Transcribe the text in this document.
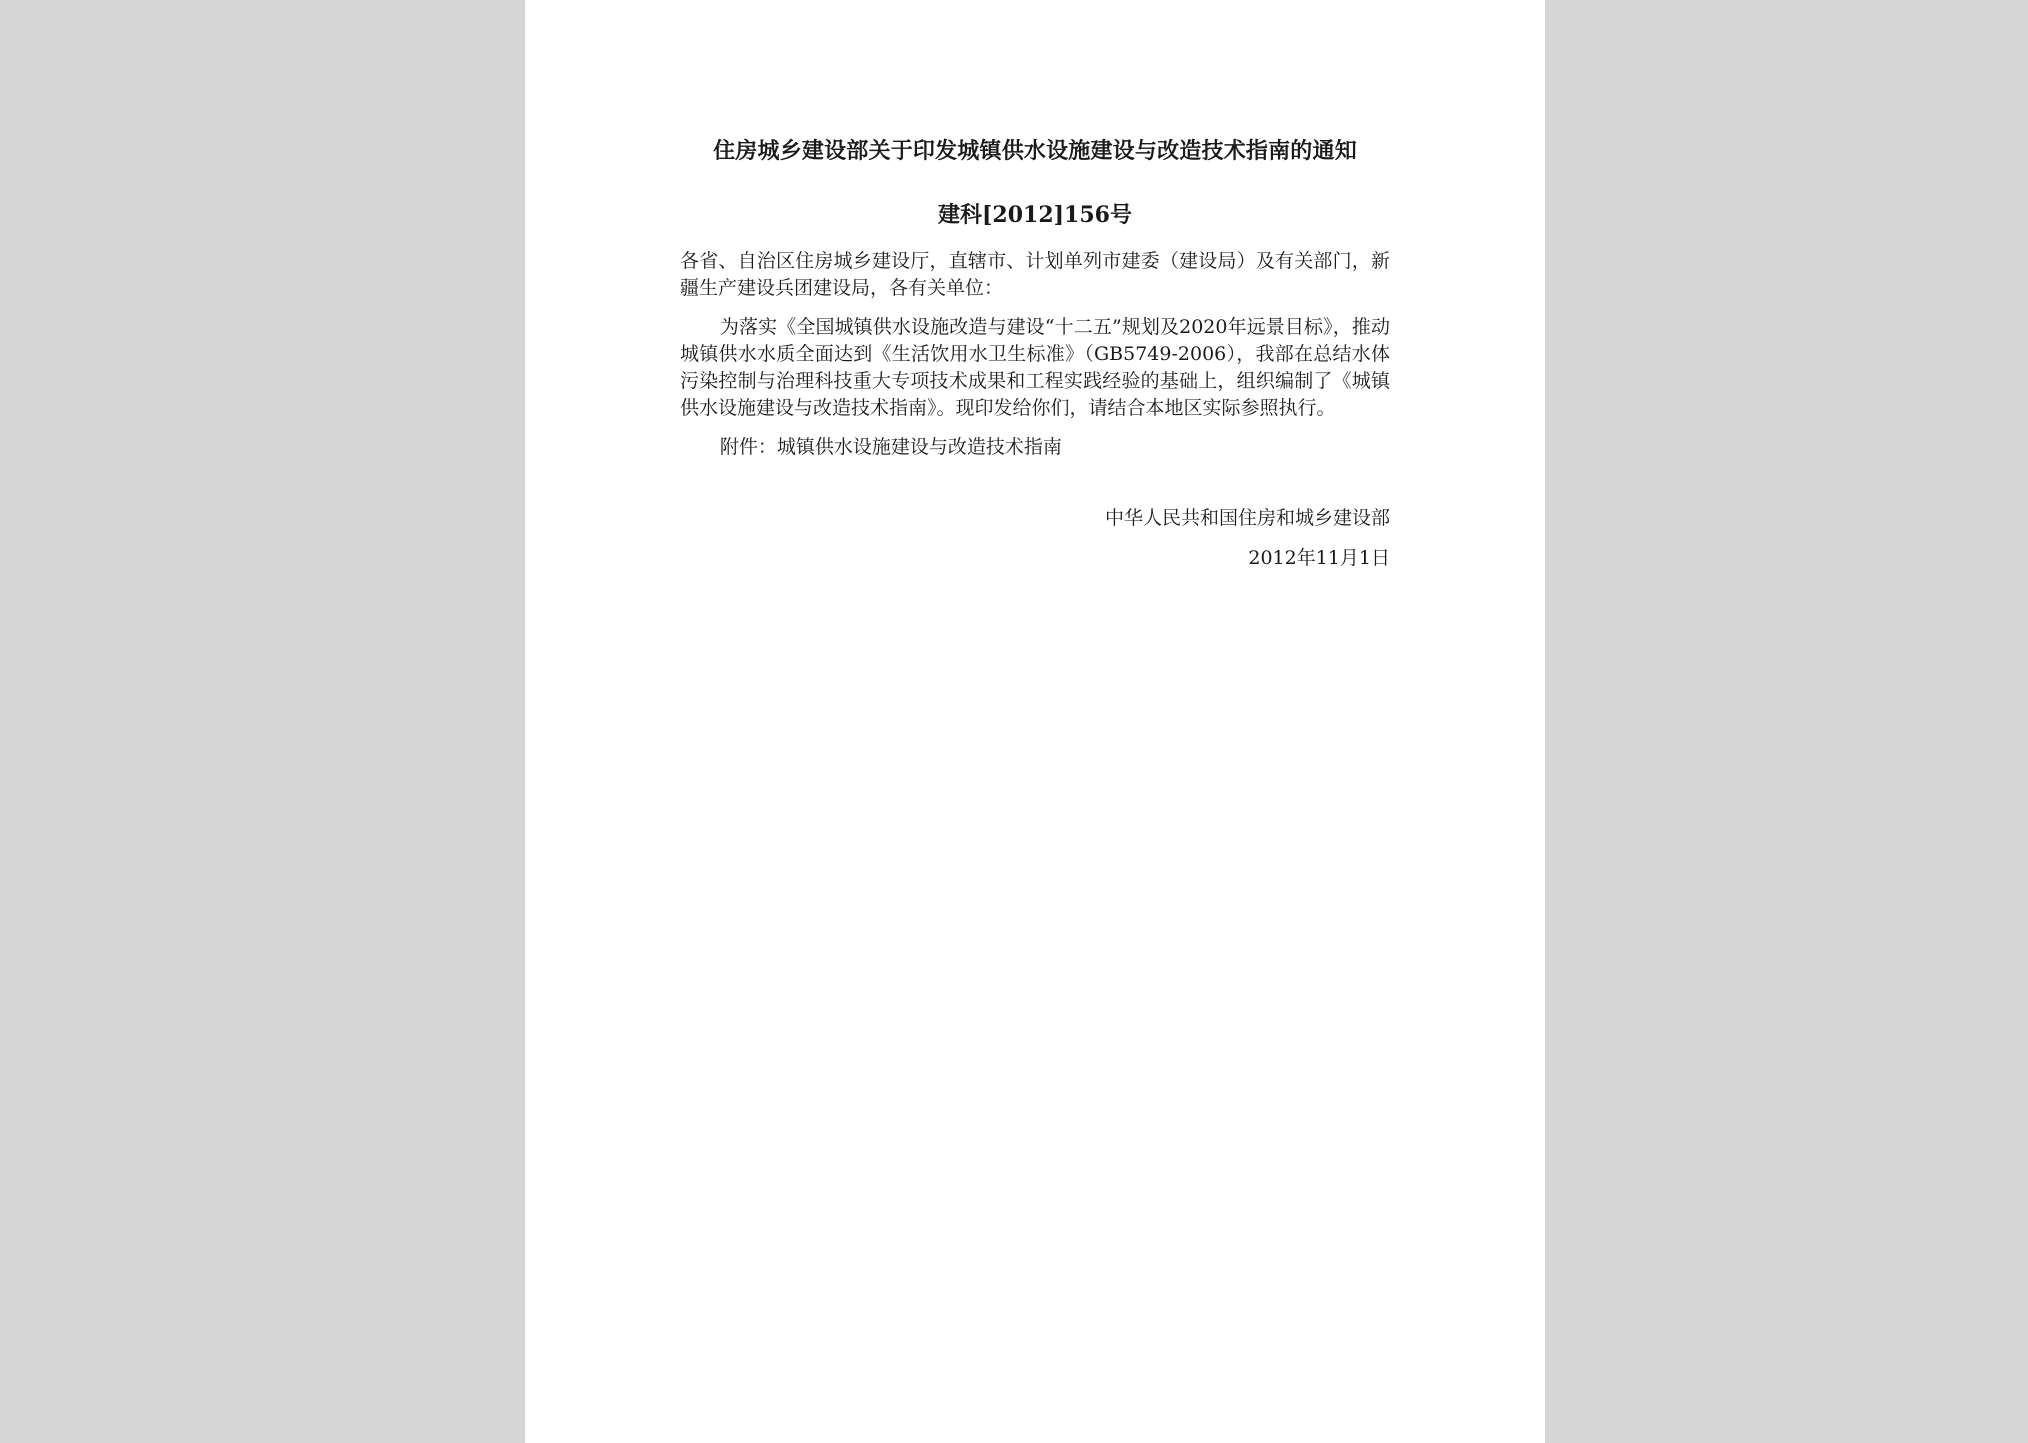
住房城乡建设部关于印发城镇供水设施建设与改造技术指南的通知
建科[2012]156号

各省、自治区住房城乡建设厅，直辖市、计划单列市建委（建设局）及有关部门，新疆生产建设兵团建设局，各有关单位：

为落实《全国城镇供水设施改造与建设“十二五”规划及2020年远景目标》，推动城镇供水水质全面达到《生活饮用水卫生标准》（GB5749-2006），我部在总结水体污染控制与治理科技重大专项技术成果和工程实践经验的基础上，组织编制了《城镇供水设施建设与改造技术指南》。现印发给你们，请结合本地区实际参照执行。

附件：城镇供水设施建设与改造技术指南

中华人民共和国住房和城乡建设部

2012年11月1日
